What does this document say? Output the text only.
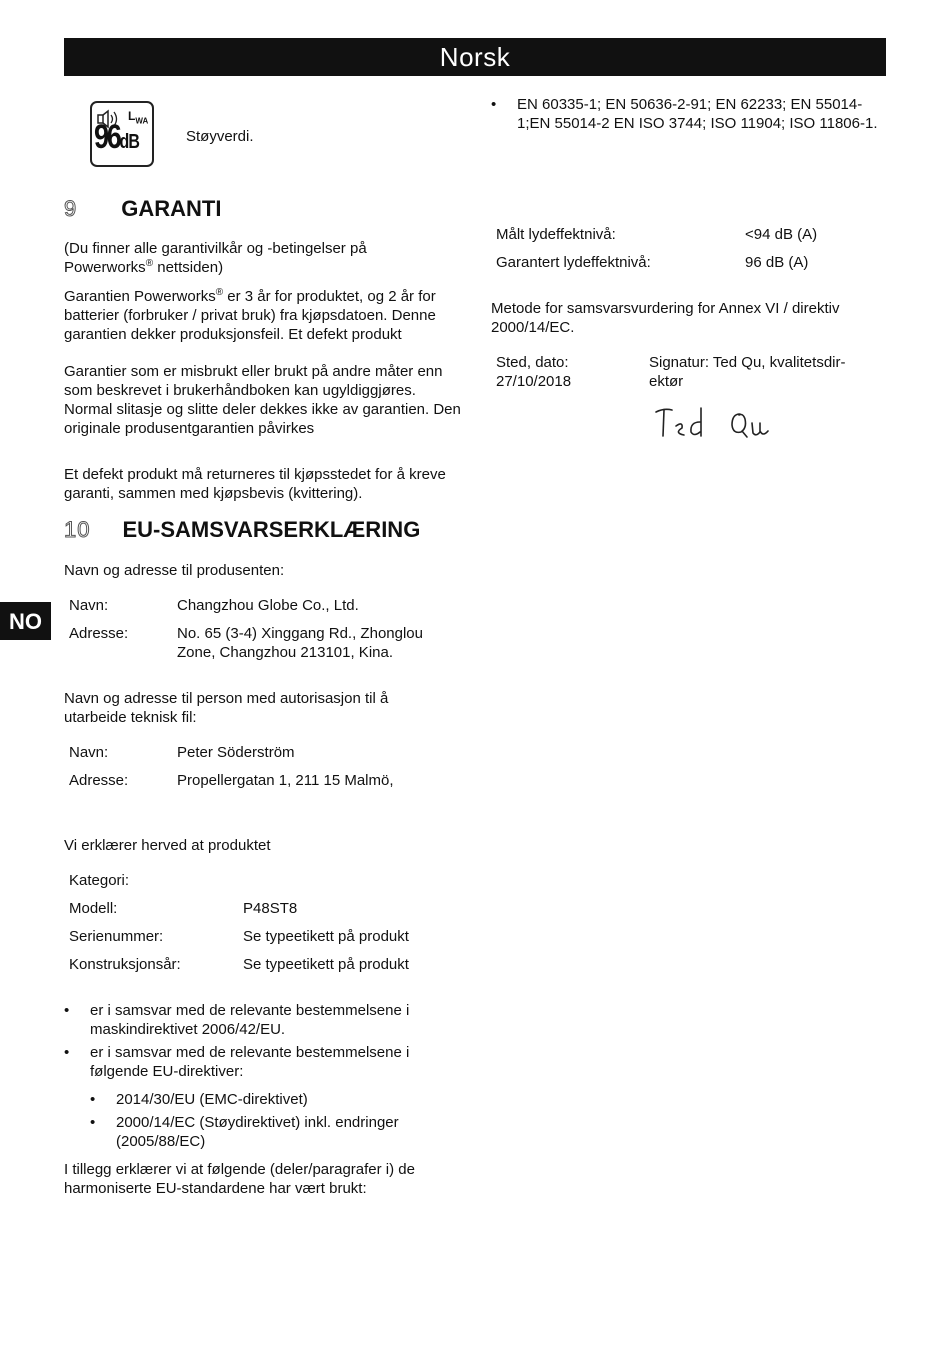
Norsk
NO
$L_{WA}$
96dB	Støyverdi.
9 GARANTI
(Du finner alle garantivilkår og -betingelser på
Powerworks® nettsiden)
Garantien Powerworks® er 3 år for produktet, og 2 år for batterier (forbruker / privat bruk) fra kjøpsdatoen. Denne garantien dekker produksjonsfeil. Et defekt produkt
Garantier som er misbrukt eller brukt på andre måter enn som beskrevet i brukerhåndboken kan ugyldiggjøres. Normal slitasje og slitte deler dekkes ikke av garantien. Den originale produsentgarantien påvirkes
Et defekt produkt må returneres til kjøpsstedet for å kreve garanti, sammen med kjøpsbevis (kvittering).
10 EU-SAMSVARSERKLÆRING
Navn og adresse til produsenten:
Navn:	Changzhou Globe Co., Ltd.
Adresse:	No. 65 (3-4) Xinggang Rd., Zhonglou Zone, Changzhou 213101, Kina.
Navn og adresse til person med autorisasjon til å utarbeide teknisk fil:
Navn:	Peter Söderström
Adresse:	Propellergatan 1, 211 15 Malmö,
Vi erklærer herved at produktet
Kategori:
Modell:	P48ST8
Serienummer:	Se typeetikett på produkt
Konstruksjonsår:	Se typeetikett på produkt
• er i samsvar med de relevante bestemmelsene i maskindirektivet 2006/42/EU.
• er i samsvar med de relevante bestemmelsene i følgende EU-direktiver:
• 2014/30/EU (EMC-direktivet)
• 2000/14/EC (Støydirektivet) inkl. endringer (2005/88/EC)
I tillegg erklærer vi at følgende (deler/paragrafer i) de harmoniserte EU-standardene har vært brukt:
• EN 60335-1; EN 50636-2-91; EN 62233; EN 55014-1;EN 55014-2 EN ISO 3744; ISO 11904; ISO 11806-1.
Målt lydeffektnivå:	<94 dB (A)
Garantert lydeffektnivå:	96 dB (A)
Metode for samsvarsvurdering for Annex VI / direktiv 2000/14/EC.
Sted, dato:
27/10/2018
Signatur: Ted Qu, kvalitetsdir-ektør
